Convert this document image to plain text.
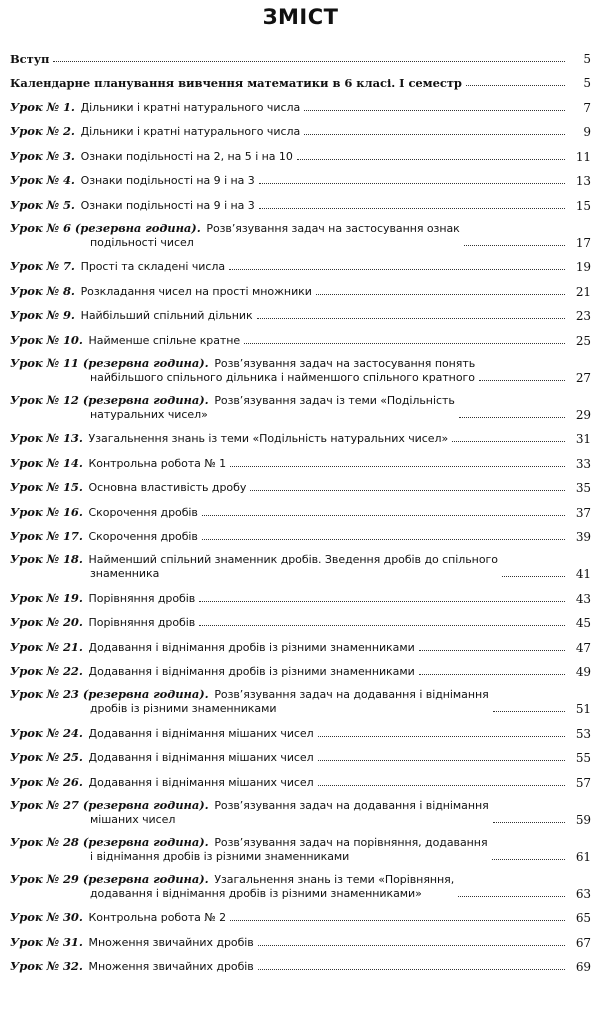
ЗМІСТ
Вступ	5
Календарне планування вивчення математики в 6 класі. І семестр	5
Урок № 1.  Дільники і кратні натурального числа	7
Урок № 2.  Дільники і кратні натурального числа	9
Урок № 3.  Ознаки подільності на 2, на 5 і на 10	11
Урок № 4.  Ознаки подільності на 9 і на 3	13
Урок № 5.  Ознаки подільності на 9 і на 3	15
Урок № 6 (резервна година).  Розв’язування задач на застосування ознак
подільності чисел	17
Урок № 7.  Прості та складені числа	19
Урок № 8.  Розкладання чисел на прості множники	21
Урок № 9.  Найбільший спільний дільник	23
Урок № 10.  Найменше спільне кратне	25
Урок № 11 (резервна година).  Розв’язування задач на застосування понять
найбільшого спільного дільника і найменшого спільного кратного	27
Урок № 12 (резервна година).  Розв’язування задач із теми «Подільність
натуральних чисел»	29
Урок № 13.  Узагальнення знань із теми «Подільність натуральних чисел»	31
Урок № 14.  Контрольна робота № 1	33
Урок № 15.  Основна властивість дробу	35
Урок № 16.  Скорочення дробів	37
Урок № 17.  Скорочення дробів	39
Урок № 18.  Найменший спільний знаменник дробів. Зведення дробів до спільного
знаменника	41
Урок № 19.  Порівняння дробів	43
Урок № 20.  Порівняння дробів	45
Урок № 21.  Додавання і віднімання дробів із різними знаменниками	47
Урок № 22.  Додавання і віднімання дробів із різними знаменниками	49
Урок № 23 (резервна година).  Розв’язування задач на додавання і віднімання
дробів із різними знаменниками	51
Урок № 24.  Додавання і віднімання мішаних чисел	53
Урок № 25.  Додавання і віднімання мішаних чисел	55
Урок № 26.  Додавання і віднімання мішаних чисел	57
Урок № 27 (резервна година).  Розв’язування задач на додавання і віднімання
мішаних чисел	59
Урок № 28 (резервна година).  Розв’язування задач на порівняння, додавання
і віднімання дробів із різними знаменниками	61
Урок № 29 (резервна година).  Узагальнення знань із теми «Порівняння,
додавання і віднімання дробів із різними знаменниками»	63
Урок № 30.  Контрольна робота № 2	65
Урок № 31.  Множення звичайних дробів	67
Урок № 32.  Множення звичайних дробів	69
